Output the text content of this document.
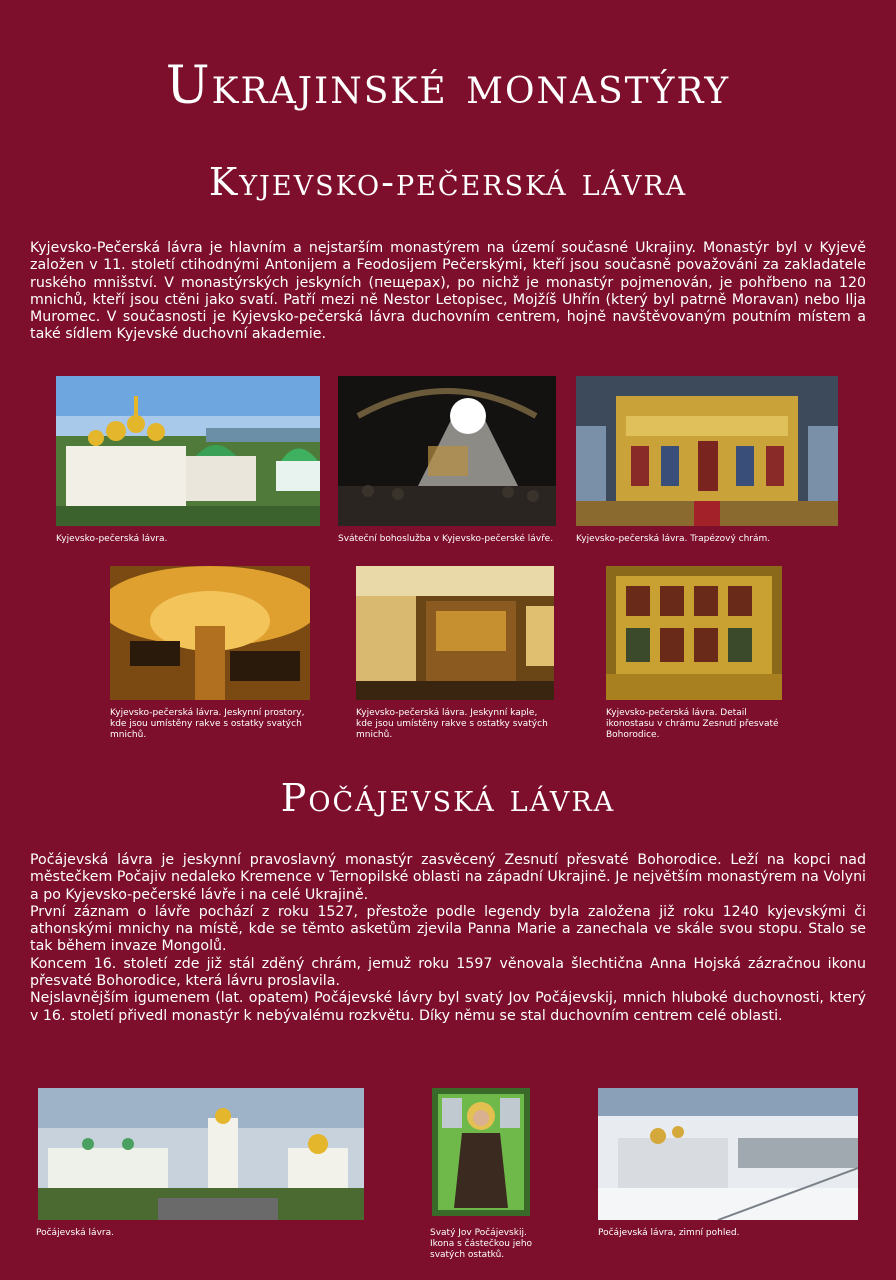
Ukrajinské monastýry
Kyjevsko-pečerská lávra

Kyjevsko-Pečerská lávra je hlavním a nejstarším monastýrem na území současné Ukrajiny. Monastýr byl v Kyjevě založen v 11. století ctihodnými Antonijem a Feodosijem Pečerskými, kteří jsou současně považováni za zakladatele ruského mnišství. V monastýrských jeskyních (пещерах), po nichž je monastýr pojmenován, je pohřbeno na 120 mnichů, kteří jsou ctěni jako svatí. Patří mezi ně Nestor Letopisec, Mojžíš Uhřín (který byl patrně Moravan) nebo Ilja Muromec. V současnosti je Kyjevsko-pečerská lávra duchovním centrem, hojně navštěvovaným poutním místem a také sídlem Kyjevské duchovní akademie.

Kyjevsko-pečerská lávra.	Sváteční bohoslužba v Kyjevsko-pečerské lávře.	Kyjevsko-pečerská lávra. Trapézový chrám.

Kyjevsko-pečerská lávra. Jeskynní prostory, kde jsou umístěny rakve s ostatky svatých mnichů.

Kyjevsko-pečerská lávra. Jeskynní kaple, kde jsou umístěny rakve s ostatky svatých mnichů.

Kyjevsko-pečerská lávra. Detail ikonostasu v chrámu Zesnutí přesvaté Bohorodice.

Počájevská lávra

Počájevská lávra je jeskynní pravoslavný monastýr zasvěcený Zesnutí přesvaté Bohorodice. Leží na kopci nad městečkem Počajiv nedaleko Kremence v Ternopilské oblasti na západní Ukrajině. Je největším monastýrem na Volyni a po Kyjevsko-pečerské lávře i na celé Ukrajině.

První záznam o lávře pochází z roku 1527, přestože podle legendy byla založena již roku 1240 kyjevskými či athonskými mnichy na místě, kde se těmto asketům zjevila Panna Marie a zanechala ve skále svou stopu. Stalo se tak během invaze Mongolů.

Koncem 16. století zde již stál zděný chrám, jemuž roku 1597 věnovala šlechtična Anna Hojská zázračnou ikonu přesvaté Bohorodice, která lávru proslavila.

Nejslavnějším igumenem (lat. opatem) Počájevské lávry byl svatý Jov Počájevskij, mnich hluboké duchovnosti, který v 16. století přivedl monastýr k nebývalému rozkvětu. Díky němu se stal duchovním centrem celé oblasti.

Počájevská lávra.	Svatý Jov Počájevskij. Ikona s částečkou jeho svatých ostatků.

Počájevská lávra, zimní pohled.
